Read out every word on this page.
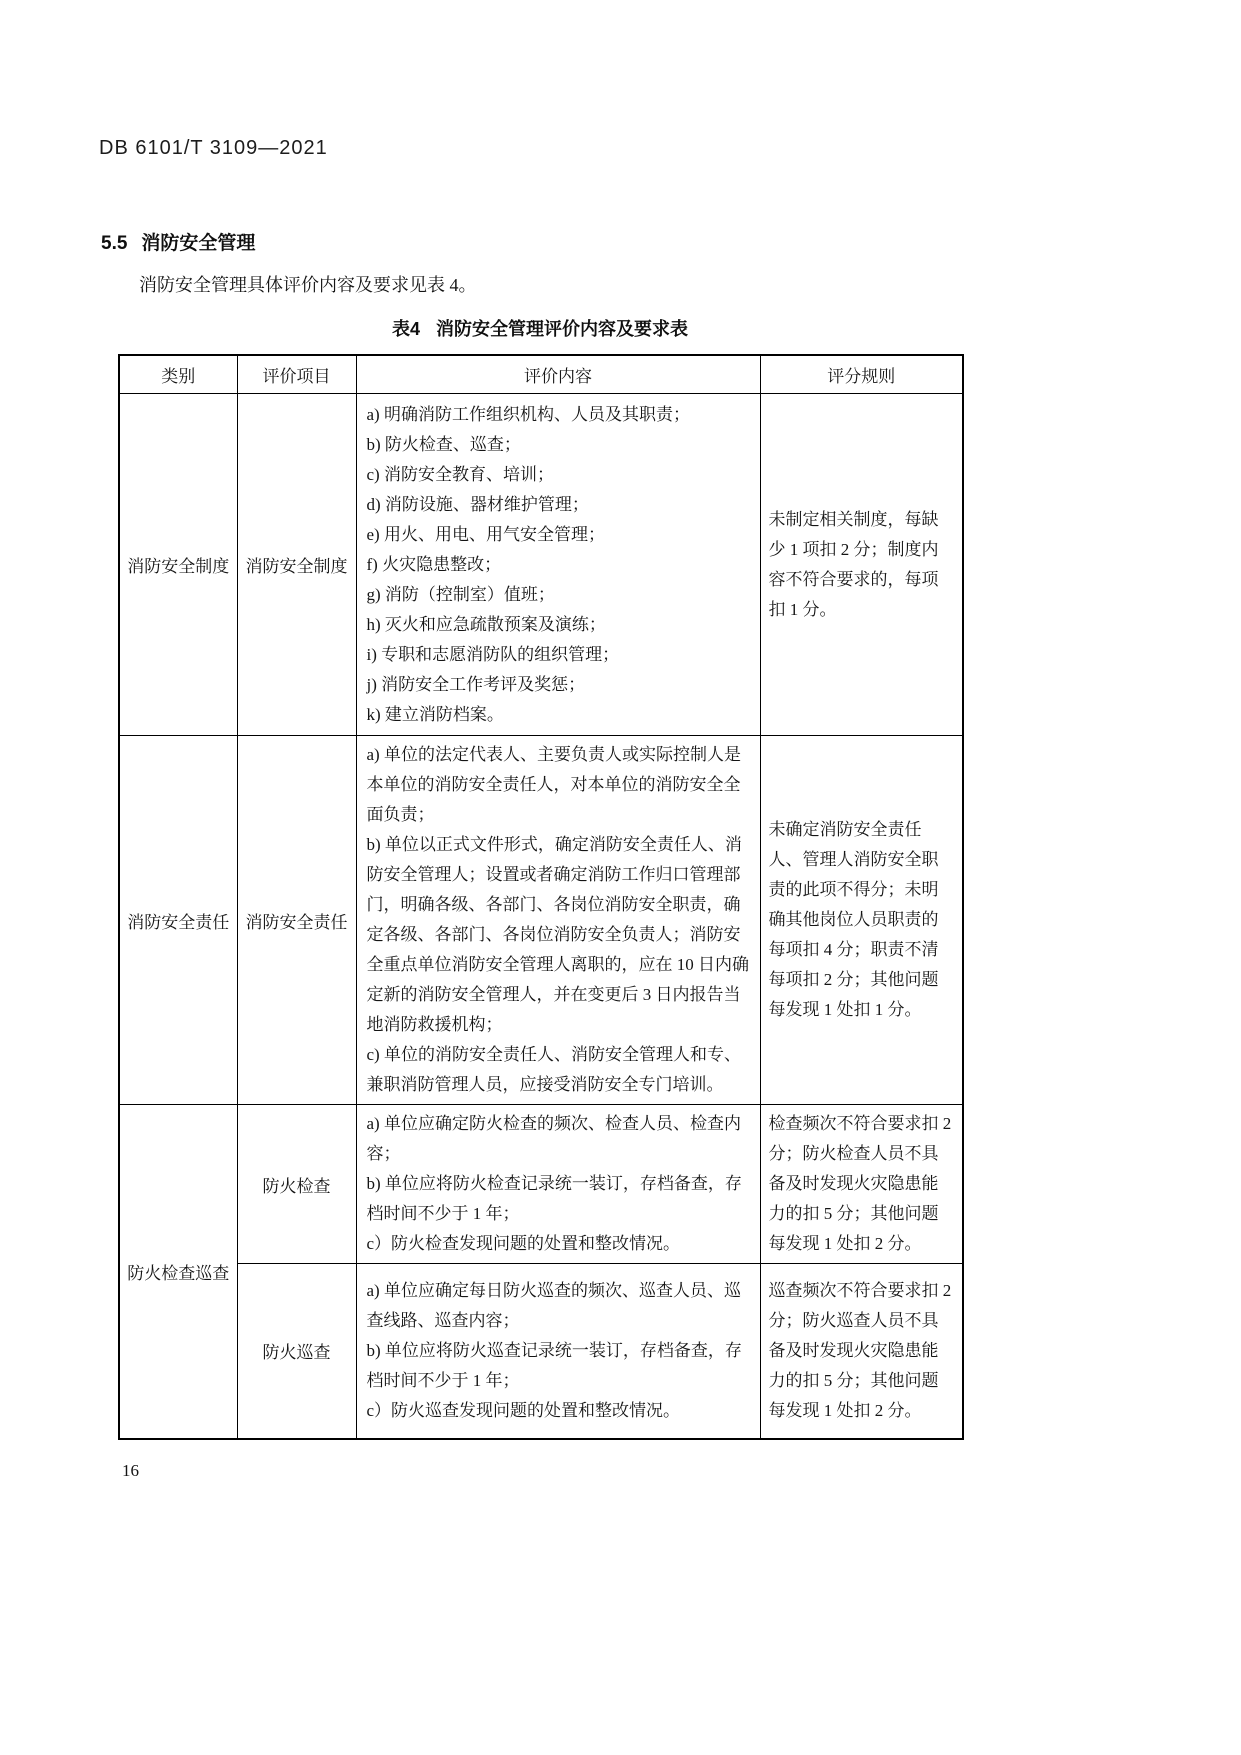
DB 6101/T 3109—2021
5.5 消防安全管理

消防安全管理具体评价内容及要求见表 4。

表4 消防安全管理评价内容及要求表
类别	评价项目	评价内容	评分规则
消防安全制度	消防安全制度	
a) 明确消防工作组织机构、人员及其职责；
b) 防火检查、巡查；
c) 消防安全教育、培训；
d) 消防设施、器材维护管理；
e) 用火、用电、用气安全管理；
f) 火灾隐患整改；
g) 消防（控制室）值班；
h) 灭火和应急疏散预案及演练；
i) 专职和志愿消防队的组织管理；
j) 消防安全工作考评及奖惩；
k) 建立消防档案。
	未制定相关制度，每缺少 1 项扣 2 分；制度内容不符合要求的，每项扣 1 分。
消防安全责任	消防安全责任	a) 单位的法定代表人、主要负责人或实际控制人是本单位的消防安全责任人，对本单位的消防安全全面负责；
b) 单位以正式文件形式，确定消防安全责任人、消防安全管理人；设置或者确定消防工作归口管理部门，明确各级、各部门、各岗位消防安全职责，确定各级、各部门、各岗位消防安全负责人；消防安全重点单位消防安全管理人离职的，应在 10 日内确定新的消防安全管理人，并在变更后 3 日内报告当地消防救援机构；
c) 单位的消防安全责任人、消防安全管理人和专、兼职消防管理人员，应接受消防安全专门培训。	未确定消防安全责任人、管理人消防安全职责的此项不得分；未明确其他岗位人员职责的每项扣 4 分；职责不清每项扣 2 分；其他问题每发现 1 处扣 1 分。
防火检查巡查	防火检查	a) 单位应确定防火检查的频次、检查人员、检查内容；
b) 单位应将防火检查记录统一装订，存档备查，存档时间不少于 1 年；
c）防火检查发现问题的处置和整改情况。	检查频次不符合要求扣 2 分；防火检查人员不具备及时发现火灾隐患能力的扣 5 分；其他问题每发现 1 处扣 2 分。
	防火巡查	a) 单位应确定每日防火巡查的频次、巡查人员、巡查线路、巡查内容；
b) 单位应将防火巡查记录统一装订，存档备查，存档时间不少于 1 年；
c）防火巡查发现问题的处置和整改情况。	巡查频次不符合要求扣 2 分；防火巡查人员不具备及时发现火灾隐患能力的扣 5 分；其他问题每发现 1 处扣 2 分。
16
